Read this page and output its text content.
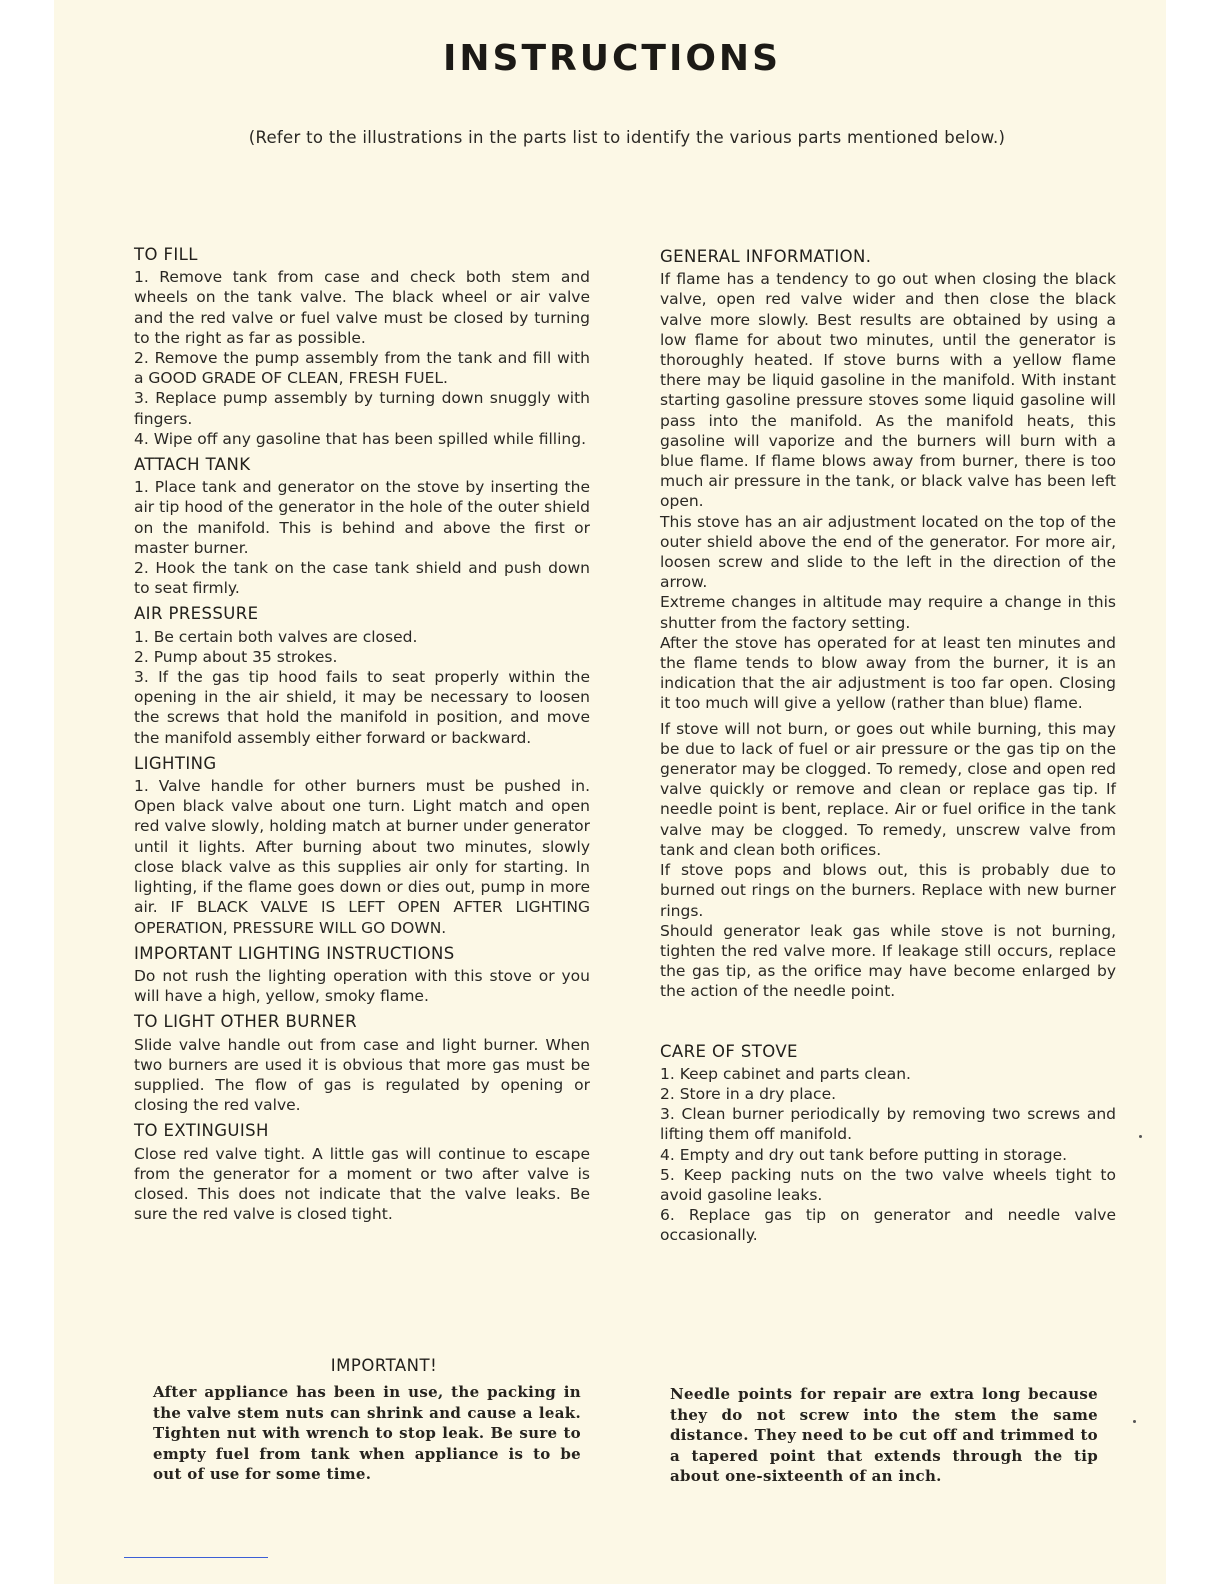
INSTRUCTIONS
(Refer to the illustrations in the parts list to identify the various parts mentioned below.)
TO FILL

1. Remove tank from case and check both stem and wheels on the tank valve. The black wheel or air valve and the red valve or fuel valve must be closed by turning to the right as far as possible.

2. Remove the pump assembly from the tank and fill with a GOOD GRADE OF CLEAN, FRESH FUEL.

3. Replace pump assembly by turning down snuggly with fingers.

4. Wipe off any gasoline that has been spilled while filling.

ATTACH TANK

1. Place tank and generator on the stove by inserting the air tip hood of the generator in the hole of the outer shield on the manifold. This is behind and above the first or master burner.

2. Hook the tank on the case tank shield and push down to seat firmly.

AIR PRESSURE

1. Be certain both valves are closed.

2. Pump about 35 strokes.

3. If the gas tip hood fails to seat properly within the opening in the air shield, it may be necessary to loosen the screws that hold the manifold in position, and move the manifold assembly either forward or backward.

LIGHTING

1. Valve handle for other burners must be pushed in. Open black valve about one turn. Light match and open red valve slowly, holding match at burner under generator until it lights. After burning about two minutes, slowly close black valve as this supplies air only for starting. In lighting, if the flame goes down or dies out, pump in more air. IF BLACK VALVE IS LEFT OPEN AFTER LIGHTING OPERATION, PRESSURE WILL GO DOWN.

IMPORTANT LIGHTING INSTRUCTIONS

Do not rush the lighting operation with this stove or you will have a high, yellow, smoky flame.

TO LIGHT OTHER BURNER

Slide valve handle out from case and light burner. When two burners are used it is obvious that more gas must be supplied. The flow of gas is regulated by opening or closing the red valve.

TO EXTINGUISH

Close red valve tight. A little gas will continue to escape from the generator for a moment or two after valve is closed. This does not indicate that the valve leaks. Be sure the red valve is closed tight.

GENERAL INFORMATION.

If flame has a tendency to go out when closing the black valve, open red valve wider and then close the black valve more slowly. Best results are obtained by using a low flame for about two minutes, until the generator is thoroughly heated. If stove burns with a yellow flame there may be liquid gasoline in the manifold. With instant starting gasoline pressure stoves some liquid gasoline will pass into the manifold. As the manifold heats, this gasoline will vaporize and the burners will burn with a blue flame. If flame blows away from burner, there is too much air pressure in the tank, or black valve has been left open.

This stove has an air adjustment located on the top of the outer shield above the end of the generator. For more air, loosen screw and slide to the left in the direction of the arrow.

Extreme changes in altitude may require a change in this shutter from the factory setting.

After the stove has operated for at least ten minutes and the flame tends to blow away from the burner, it is an indication that the air adjustment is too far open. Closing it too much will give a yellow (rather than blue) flame.

If stove will not burn, or goes out while burning, this may be due to lack of fuel or air pressure or the gas tip on the generator may be clogged. To remedy, close and open red valve quickly or remove and clean or replace gas tip. If needle point is bent, replace. Air or fuel orifice in the tank valve may be clogged. To remedy, unscrew valve from tank and clean both orifices.

If stove pops and blows out, this is probably due to burned out rings on the burners. Replace with new burner rings.

Should generator leak gas while stove is not burning, tighten the red valve more. If leakage still occurs, replace the gas tip, as the orifice may have become enlarged by the action of the needle point.

CARE OF STOVE

1. Keep cabinet and parts clean.

2. Store in a dry place.

3. Clean burner periodically by removing two screws and lifting them off manifold.

4. Empty and dry out tank before putting in storage.

5. Keep packing nuts on the two valve wheels tight to avoid gasoline leaks.

6. Replace gas tip on generator and needle valve occasionally.

IMPORTANT!
After appliance has been in use, the packing in the valve stem nuts can shrink and cause a leak. Tighten nut with wrench to stop leak. Be sure to empty fuel from tank when appliance is to be out of use for some time.
Needle points for repair are extra long because they do not screw into the stem the same distance. They need to be cut off and trimmed to a tapered point that extends through the tip about one-sixteenth of an inch.
